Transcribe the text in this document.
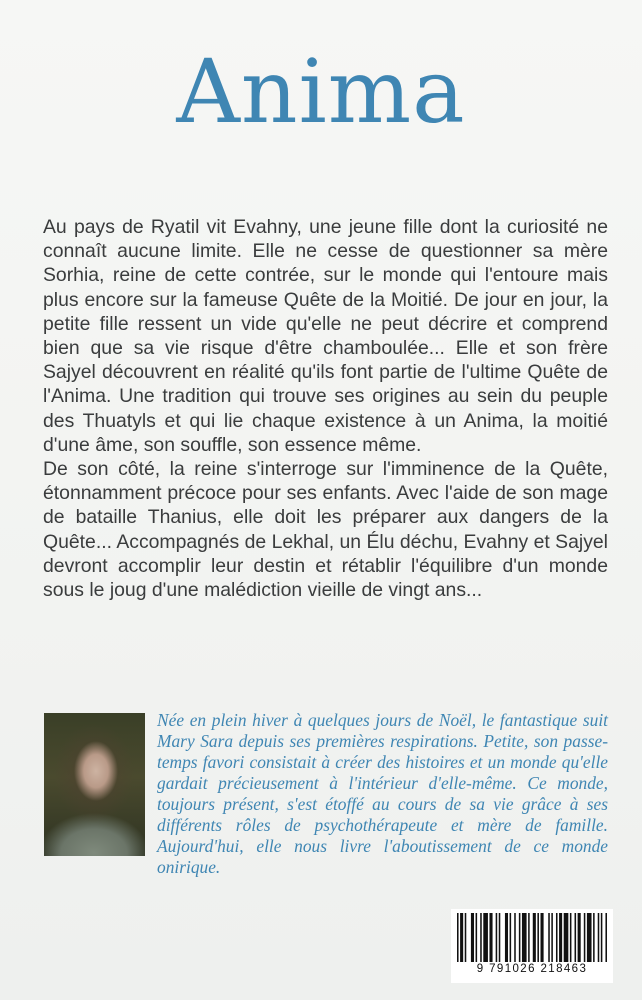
Anima

Au pays de Ryatil vit Evahny, une jeune fille dont la curiosité ne connaît aucune limite. Elle ne cesse de questionner sa mère Sorhia, reine de cette contrée, sur le monde qui l'entoure mais plus encore sur la fameuse Quête de la Moitié. De jour en jour, la petite fille ressent un vide qu'elle ne peut décrire et comprend bien que sa vie risque d'être chamboulée... Elle et son frère Sajyel découvrent en réalité qu'ils font partie de l'ultime Quête de l'Anima. Une tradition qui trouve ses origines au sein du peuple des Thuatyls et qui lie chaque existence à un Anima, la moitié d'une âme, son souffle, son essence même.

De son côté, la reine s'interroge sur l'imminence de la Quête, étonnamment précoce pour ses enfants. Avec l'aide de son mage de bataille Thanius, elle doit les préparer aux dangers de la Quête... Accompagnés de Lekhal, un Élu déchu, Evahny et Sajyel devront accomplir leur destin et rétablir l'équilibre d'un monde sous le joug d'une malédiction vieille de vingt ans...

Née en plein hiver à quelques jours de Noël, le fantastique suit Mary Sara depuis ses premières respirations. Petite, son passe-temps favori consistait à créer des histoires et un monde qu'elle gardait précieusement à l'intérieur d'elle-même. Ce monde, toujours présent, s'est étoffé au cours de sa vie grâce à ses différents rôles de psychothérapeute et mère de famille. Aujourd'hui, elle nous livre l'aboutissement de ce monde onirique.
9 791026 218463
